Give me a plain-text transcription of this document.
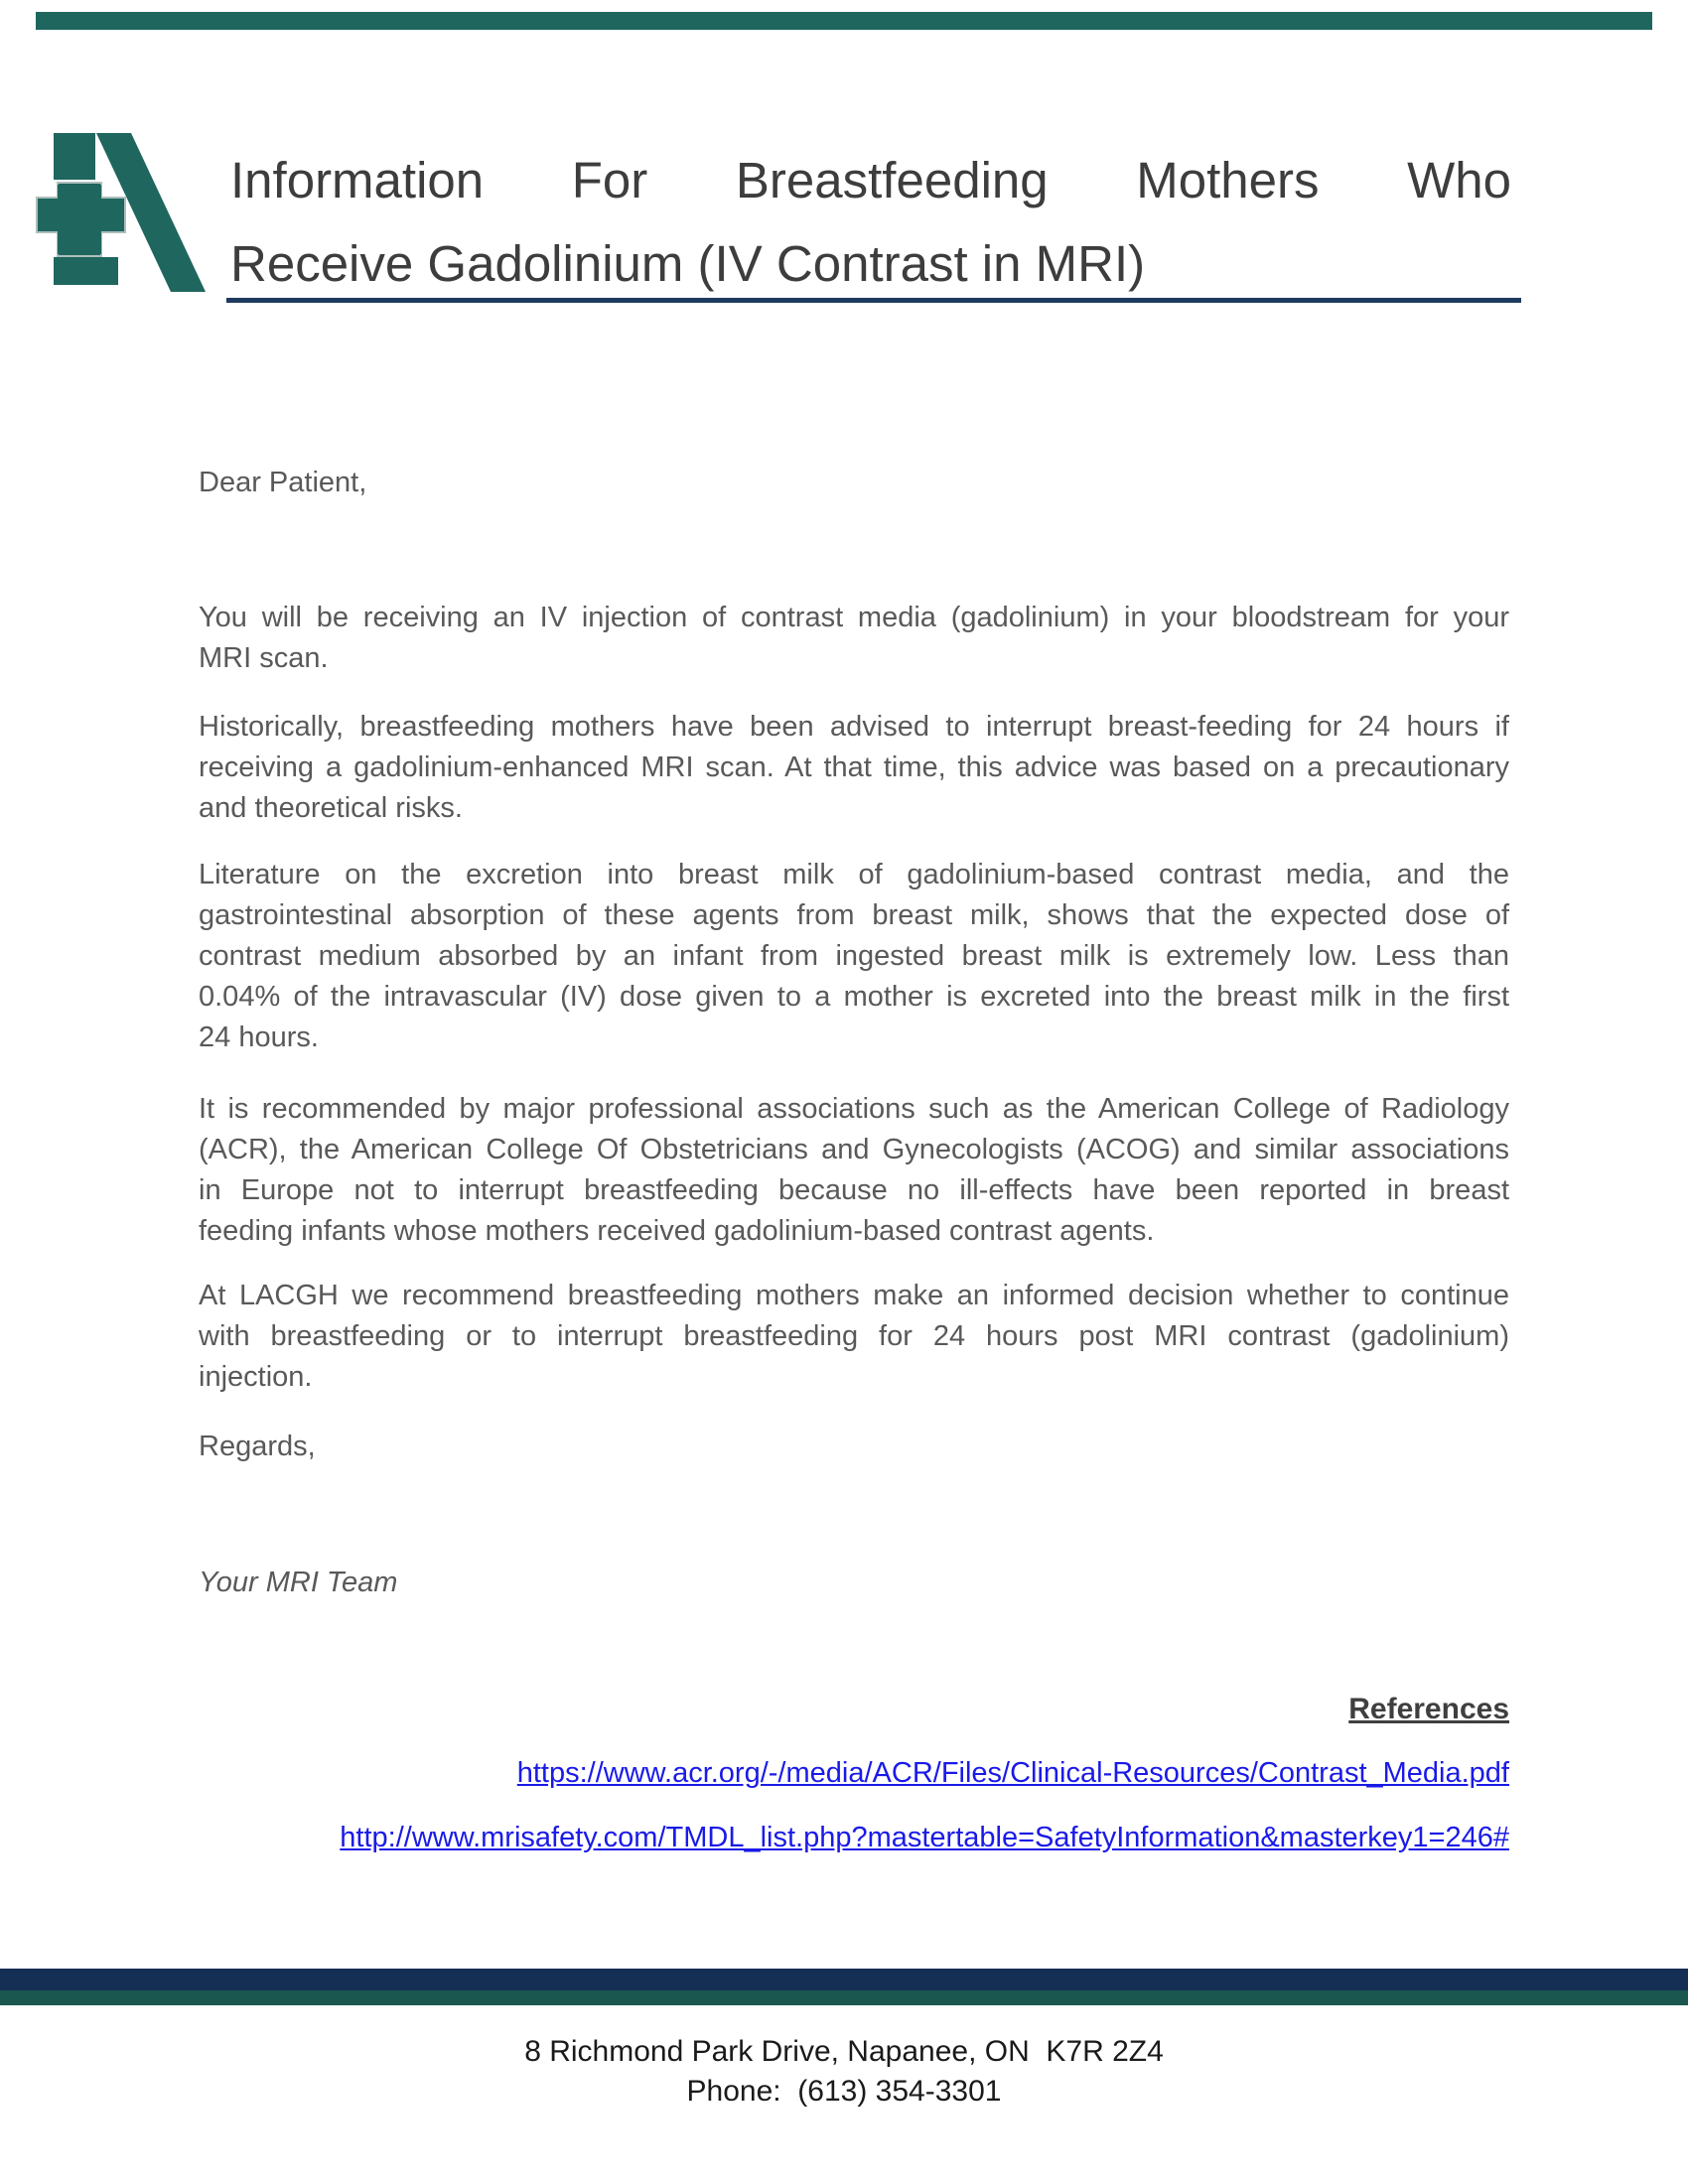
Information For Breastfeeding Mothers Who
Receive Gadolinium (IV Contrast in MRI)
Dear Patient,
You will be receiving an IV injection of contrast media (gadolinium) in your bloodstream for your
MRI scan.
Historically, breastfeeding mothers have been advised to interrupt breast-feeding for 24 hours if
receiving a gadolinium-enhanced MRI scan. At that time, this advice was based on a precautionary
and theoretical risks.
Literature on the excretion into breast milk of gadolinium-based contrast media, and the
gastrointestinal absorption of these agents from breast milk, shows that the expected dose of
contrast medium absorbed by an infant from ingested breast milk is extremely low. Less than
0.04% of the intravascular (IV) dose given to a mother is excreted into the breast milk in the first
24 hours.
It is recommended by major professional associations such as the American College of Radiology
(ACR), the American College Of Obstetricians and Gynecologists (ACOG) and similar associations
in Europe not to interrupt breastfeeding because no ill-effects have been reported in breast
feeding infants whose mothers received gadolinium-based contrast agents.
At LACGH we recommend breastfeeding mothers make an informed decision whether to continue
with breastfeeding or to interrupt breastfeeding for 24 hours post MRI contrast (gadolinium)
injection.
Regards,
Your MRI Team
References
https://www.acr.org/-/media/ACR/Files/Clinical-Resources/Contrast_Media.pdf
http://www.mrisafety.com/TMDL_list.php?mastertable=SafetyInformation&masterkey1=246#
8 Richmond Park Drive, Napanee, ON  K7R 2Z4
Phone:  (613) 354-3301
